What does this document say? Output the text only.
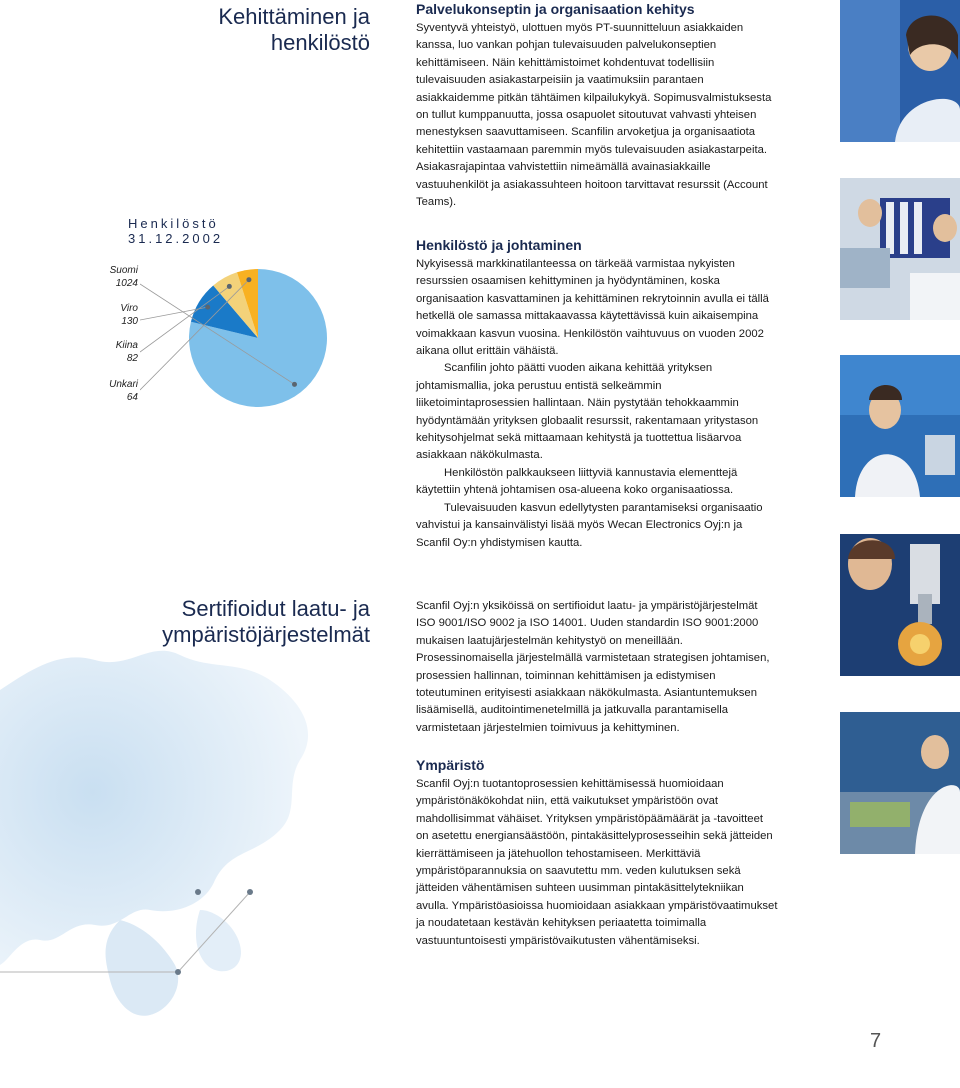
Kehittäminen ja
henkilöstö
Henkilöstö 31.12.2002
Suomi
1024
Viro
130
Kiina
82
Unkari
64
Sertifioidut laatu- ja
ympäristöjärjestelmät
Palvelukonseptin ja organisaation kehitys

Syventyvä yhteistyö, ulottuen myös PT-suunnitteluun asiakkaiden kanssa, luo vankan pohjan tulevaisuuden palvelukonseptien kehittämiseen. Näin kehittämistoimet kohdentuvat todellisiin tulevaisuuden asiakastarpeisiin ja vaatimuksiin parantaen asiakkaidemme pitkän tähtäimen kilpailukykyä. Sopimusvalmistuksesta on tullut kumppanuutta, jossa osapuolet sitoutuvat vahvasti yhteisen menestyksen saavuttamiseen. Scanfilin arvoketjua ja organisaatiota kehitettiin vastaamaan paremmin myös tulevaisuuden asiakastarpeita. Asiakasrajapintaa vahvistettiin nimeämällä avainasiakkaille vastuuhenkilöt ja asiakassuhteen hoitoon tarvittavat resurssit (Account Teams).

Henkilöstö ja johtaminen

Nykyisessä markkinatilanteessa on tärkeää varmistaa nykyisten resurssien osaamisen kehittyminen ja hyödyntäminen, koska organisaation kasvattaminen ja kehittäminen rekrytoinnin avulla ei tällä hetkellä ole samassa mittakaavassa käytettävissä kuin aikaisempina voimakkaan kasvun vuosina. Henkilöstön vaihtuvuus on vuoden 2002 aikana ollut erittäin vähäistä.

Scanfilin johto päätti vuoden aikana kehittää yrityksen johtamismallia, joka perustuu entistä selkeämmin liiketoimintaprosessien hallintaan. Näin pystytään tehokkaammin hyödyntämään yrityksen globaalit resurssit, rakentamaan yritystason kehitysohjelmat sekä mittaamaan kehitystä ja tuottettua lisäarvoa asiakkaan näkökulmasta.

Henkilöstön palkkaukseen liittyviä kannustavia elementtejä käytettiin yhtenä johtamisen osa-alueena koko organisaatiossa.

Tulevaisuuden kasvun edellytysten parantamiseksi organisaatio vahvistui ja kansainvälistyi lisää myös Wecan Electronics Oyj:n ja Scanfil Oy:n yhdistymisen kautta.

Scanfil Oyj:n yksiköissä on sertifioidut laatu- ja ympäristöjärjestelmät ISO 9001/ISO 9002 ja ISO 14001. Uuden standardin ISO 9001:2000 mukaisen laatujärjestelmän kehitystyö on meneillään. Prosessinomaisella järjestelmällä varmistetaan strategisen johtamisen, prosessien hallinnan, toiminnan kehittämisen ja edistymisen toteutuminen erityisesti asiakkaan näkökulmasta. Asiantuntemuksen lisäämisellä, auditointimenetelmillä ja jatkuvalla parantamisella varmistetaan järjestelmien toimivuus ja kehittyminen.

Ympäristö

Scanfil Oyj:n tuotantoprosessien kehittämisessä huomioidaan ympäristönäkökohdat niin, että vaikutukset ympäristöön ovat mahdollisimmat vähäiset. Yrityksen ympäristöpäämäärät ja -tavoitteet on asetettu energiansäästöön, pintakäsittelyprosesseihin sekä jätteiden kierrättämiseen ja jätehuollon tehostamiseen. Merkittäviä ympäristöparannuksia on saavutettu mm. veden kulutuksen sekä jätteiden vähentämisen suhteen uusimman pintakäsittelytekniikan avulla. Ympäristöasioissa huomioidaan asiakkaan ympäristövaatimukset ja noudatetaan kestävän kehityksen periaatetta toimimalla vastuuntuntoisesti ympäristövaikutusten vähentämiseksi.

7
